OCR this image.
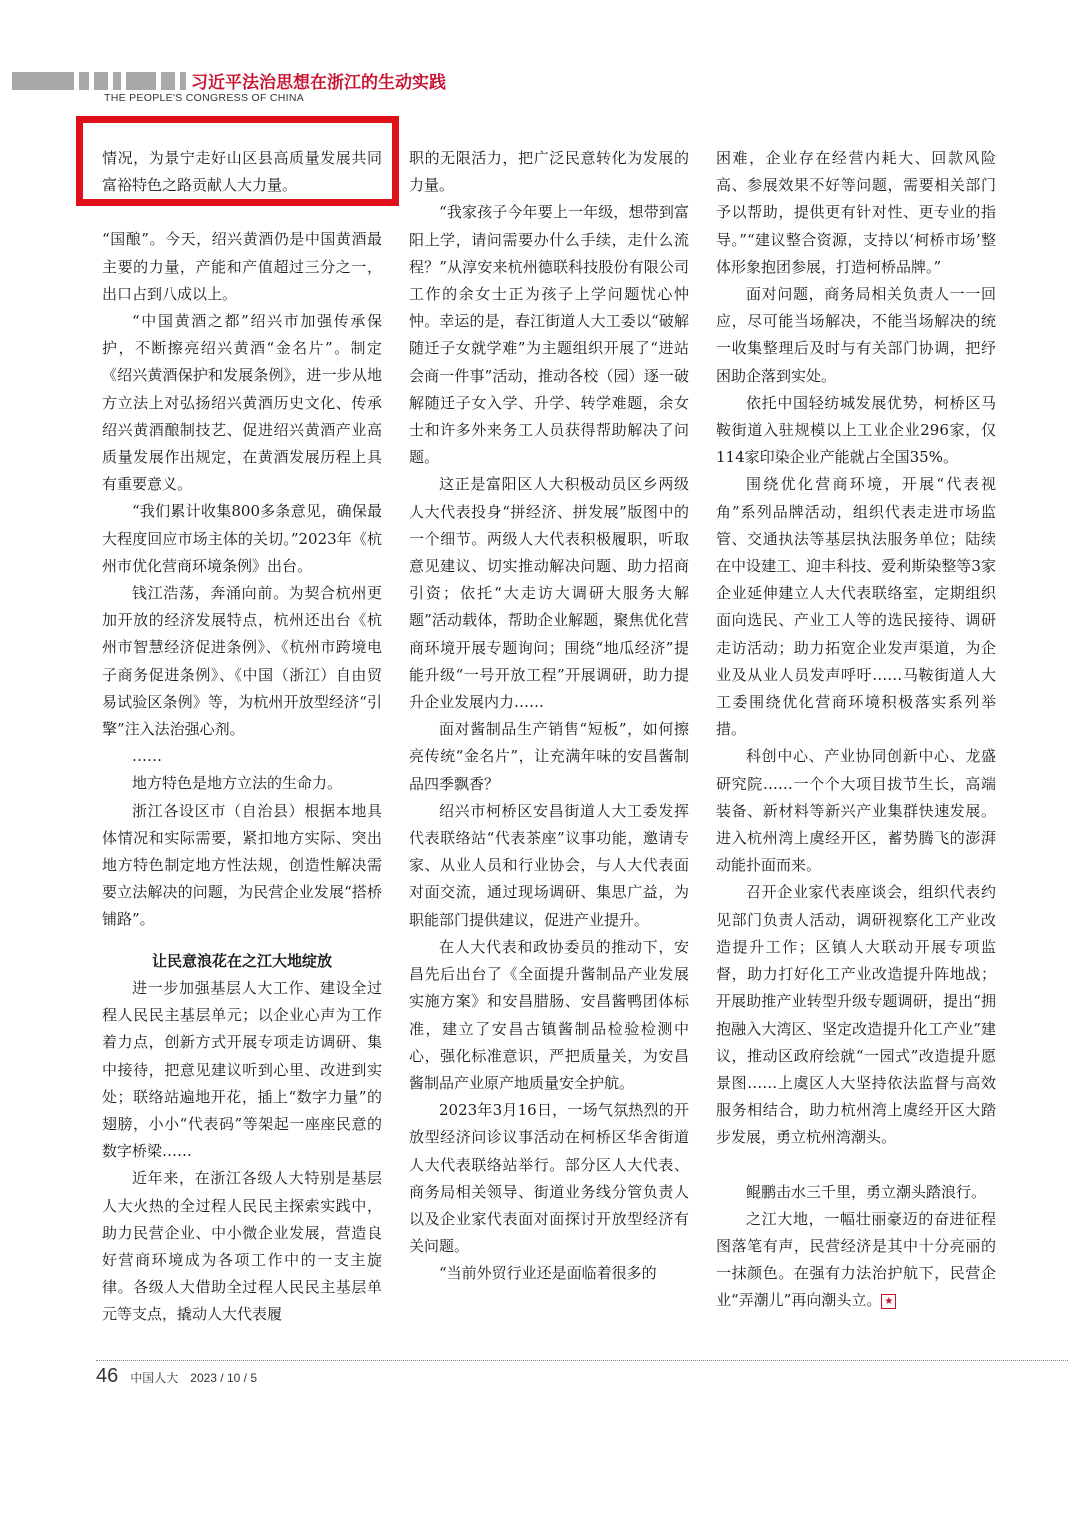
习近平法治思想在浙江的生动实践
THE PEOPLE'S CONGRESS OF CHINA

情况，为景宁走好山区县高质量发展共同富裕特色之路贡献人大力量。

“国酿”。今天，绍兴黄酒仍是中国黄酒最主要的力量，产能和产值超过三分之一，出口占到八成以上。

“中国黄酒之都”绍兴市加强传承保护，不断擦亮绍兴黄酒“金名片”。制定《绍兴黄酒保护和发展条例》，进一步从地方立法上对弘扬绍兴黄酒历史文化、传承绍兴黄酒酿制技艺、促进绍兴黄酒产业高质量发展作出规定，在黄酒发展历程上具有重要意义。

“我们累计收集800多条意见，确保最大程度回应市场主体的关切。”2023年《杭州市优化营商环境条例》出台。

钱江浩荡，奔涌向前。为契合杭州更加开放的经济发展特点，杭州还出台《杭州市智慧经济促进条例》、《杭州市跨境电子商务促进条例》、《中国（浙江）自由贸易试验区条例》等，为杭州开放型经济“引擎”注入法治强心剂。

……

地方特色是地方立法的生命力。

浙江各设区市（自治县）根据本地具体情况和实际需要，紧扣地方实际、突出地方特色制定地方性法规，创造性解决需要立法解决的问题，为民营企业发展“搭桥铺路”。

让民意浪花在之江大地绽放

进一步加强基层人大工作、建设全过程人民民主基层单元；以企业心声为工作着力点，创新方式开展专项走访调研、集中接待，把意见建议听到心里、改进到实处；联络站遍地开花，插上“数字力量”的翅膀，小小“代表码”等架起一座座民意的数字桥梁……

近年来，在浙江各级人大特别是基层人大火热的全过程人民民主探索实践中，助力民营企业、中小微企业发展，营造良好营商环境成为各项工作中的一支主旋律。各级人大借助全过程人民民主基层单元等支点，撬动人大代表履

职的无限活力，把广泛民意转化为发展的力量。

“我家孩子今年要上一年级，想带到富阳上学，请问需要办什么手续，走什么流程？”从淳安来杭州德联科技股份有限公司工作的余女士正为孩子上学问题忧心忡忡。幸运的是，春江街道人大工委以“破解随迁子女就学难”为主题组织开展了“进站会商一件事”活动，推动各校（园）逐一破解随迁子女入学、升学、转学难题，余女士和许多外来务工人员获得帮助解决了问题。

这正是富阳区人大积极动员区乡两级人大代表投身“拼经济、拼发展”版图中的一个细节。两级人大代表积极履职，听取意见建议、切实推动解决问题、助力招商引资；依托“大走访大调研大服务大解题”活动载体，帮助企业解题，聚焦优化营商环境开展专题询问；围绕“地瓜经济”提能升级“一号开放工程”开展调研，助力提升企业发展内力……

面对酱制品生产销售“短板”，如何擦亮传统“金名片”，让充满年味的安昌酱制品四季飘香？

绍兴市柯桥区安昌街道人大工委发挥代表联络站“代表茶座”议事功能，邀请专家、从业人员和行业协会，与人大代表面对面交流，通过现场调研、集思广益，为职能部门提供建议，促进产业提升。

在人大代表和政协委员的推动下，安昌先后出台了《全面提升酱制品产业发展实施方案》和安昌腊肠、安昌酱鸭团体标准，建立了安昌古镇酱制品检验检测中心，强化标准意识，严把质量关，为安昌酱制品产业原产地质量安全护航。

2023年3月16日，一场气氛热烈的开放型经济问诊议事活动在柯桥区华舍街道人大代表联络站举行。部分区人大代表、商务局相关领导、街道业务线分管负责人以及企业家代表面对面探讨开放型经济有关问题。

“当前外贸行业还是面临着很多的

困难，企业存在经营内耗大、回款风险高、参展效果不好等问题，需要相关部门予以帮助，提供更有针对性、更专业的指导。”“建议整合资源，支持以‘柯桥市场’整体形象抱团参展，打造柯桥品牌。”

面对问题，商务局相关负责人一一回应，尽可能当场解决，不能当场解决的统一收集整理后及时与有关部门协调，把纾困助企落到实处。

依托中国轻纺城发展优势，柯桥区马鞍街道入驻规模以上工业企业296家，仅114家印染企业产能就占全国35%。

围绕优化营商环境，开展“代表视角”系列品牌活动，组织代表走进市场监管、交通执法等基层执法服务单位；陆续在中设建工、迎丰科技、爱利斯染整等3家企业延伸建立人大代表联络室，定期组织面向选民、产业工人等的选民接待、调研走访活动；助力拓宽企业发声渠道，为企业及从业人员发声呼吁……马鞍街道人大工委围绕优化营商环境积极落实系列举措。

科创中心、产业协同创新中心、龙盛研究院……一个个大项目拔节生长，高端装备、新材料等新兴产业集群快速发展。进入杭州湾上虞经开区，蓄势腾飞的澎湃动能扑面而来。

召开企业家代表座谈会，组织代表约见部门负责人活动，调研视察化工产业改造提升工作；区镇人大联动开展专项监督，助力打好化工产业改造提升阵地战；开展助推产业转型升级专题调研，提出“拥抱融入大湾区、坚定改造提升化工产业”建议，推动区政府绘就“一园式”改造提升愿景图……上虞区人大坚持依法监督与高效服务相结合，助力杭州湾上虞经开区大踏步发展，勇立杭州湾潮头。

鲲鹏击水三千里，勇立潮头踏浪行。

之江大地，一幅壮丽豪迈的奋进征程图落笔有声，民营经济是其中十分亮丽的一抹颜色。在强有力法治护航下，民营企业“弄潮儿”再向潮头立。 ★

46 中国人大 2023 / 10 / 5
